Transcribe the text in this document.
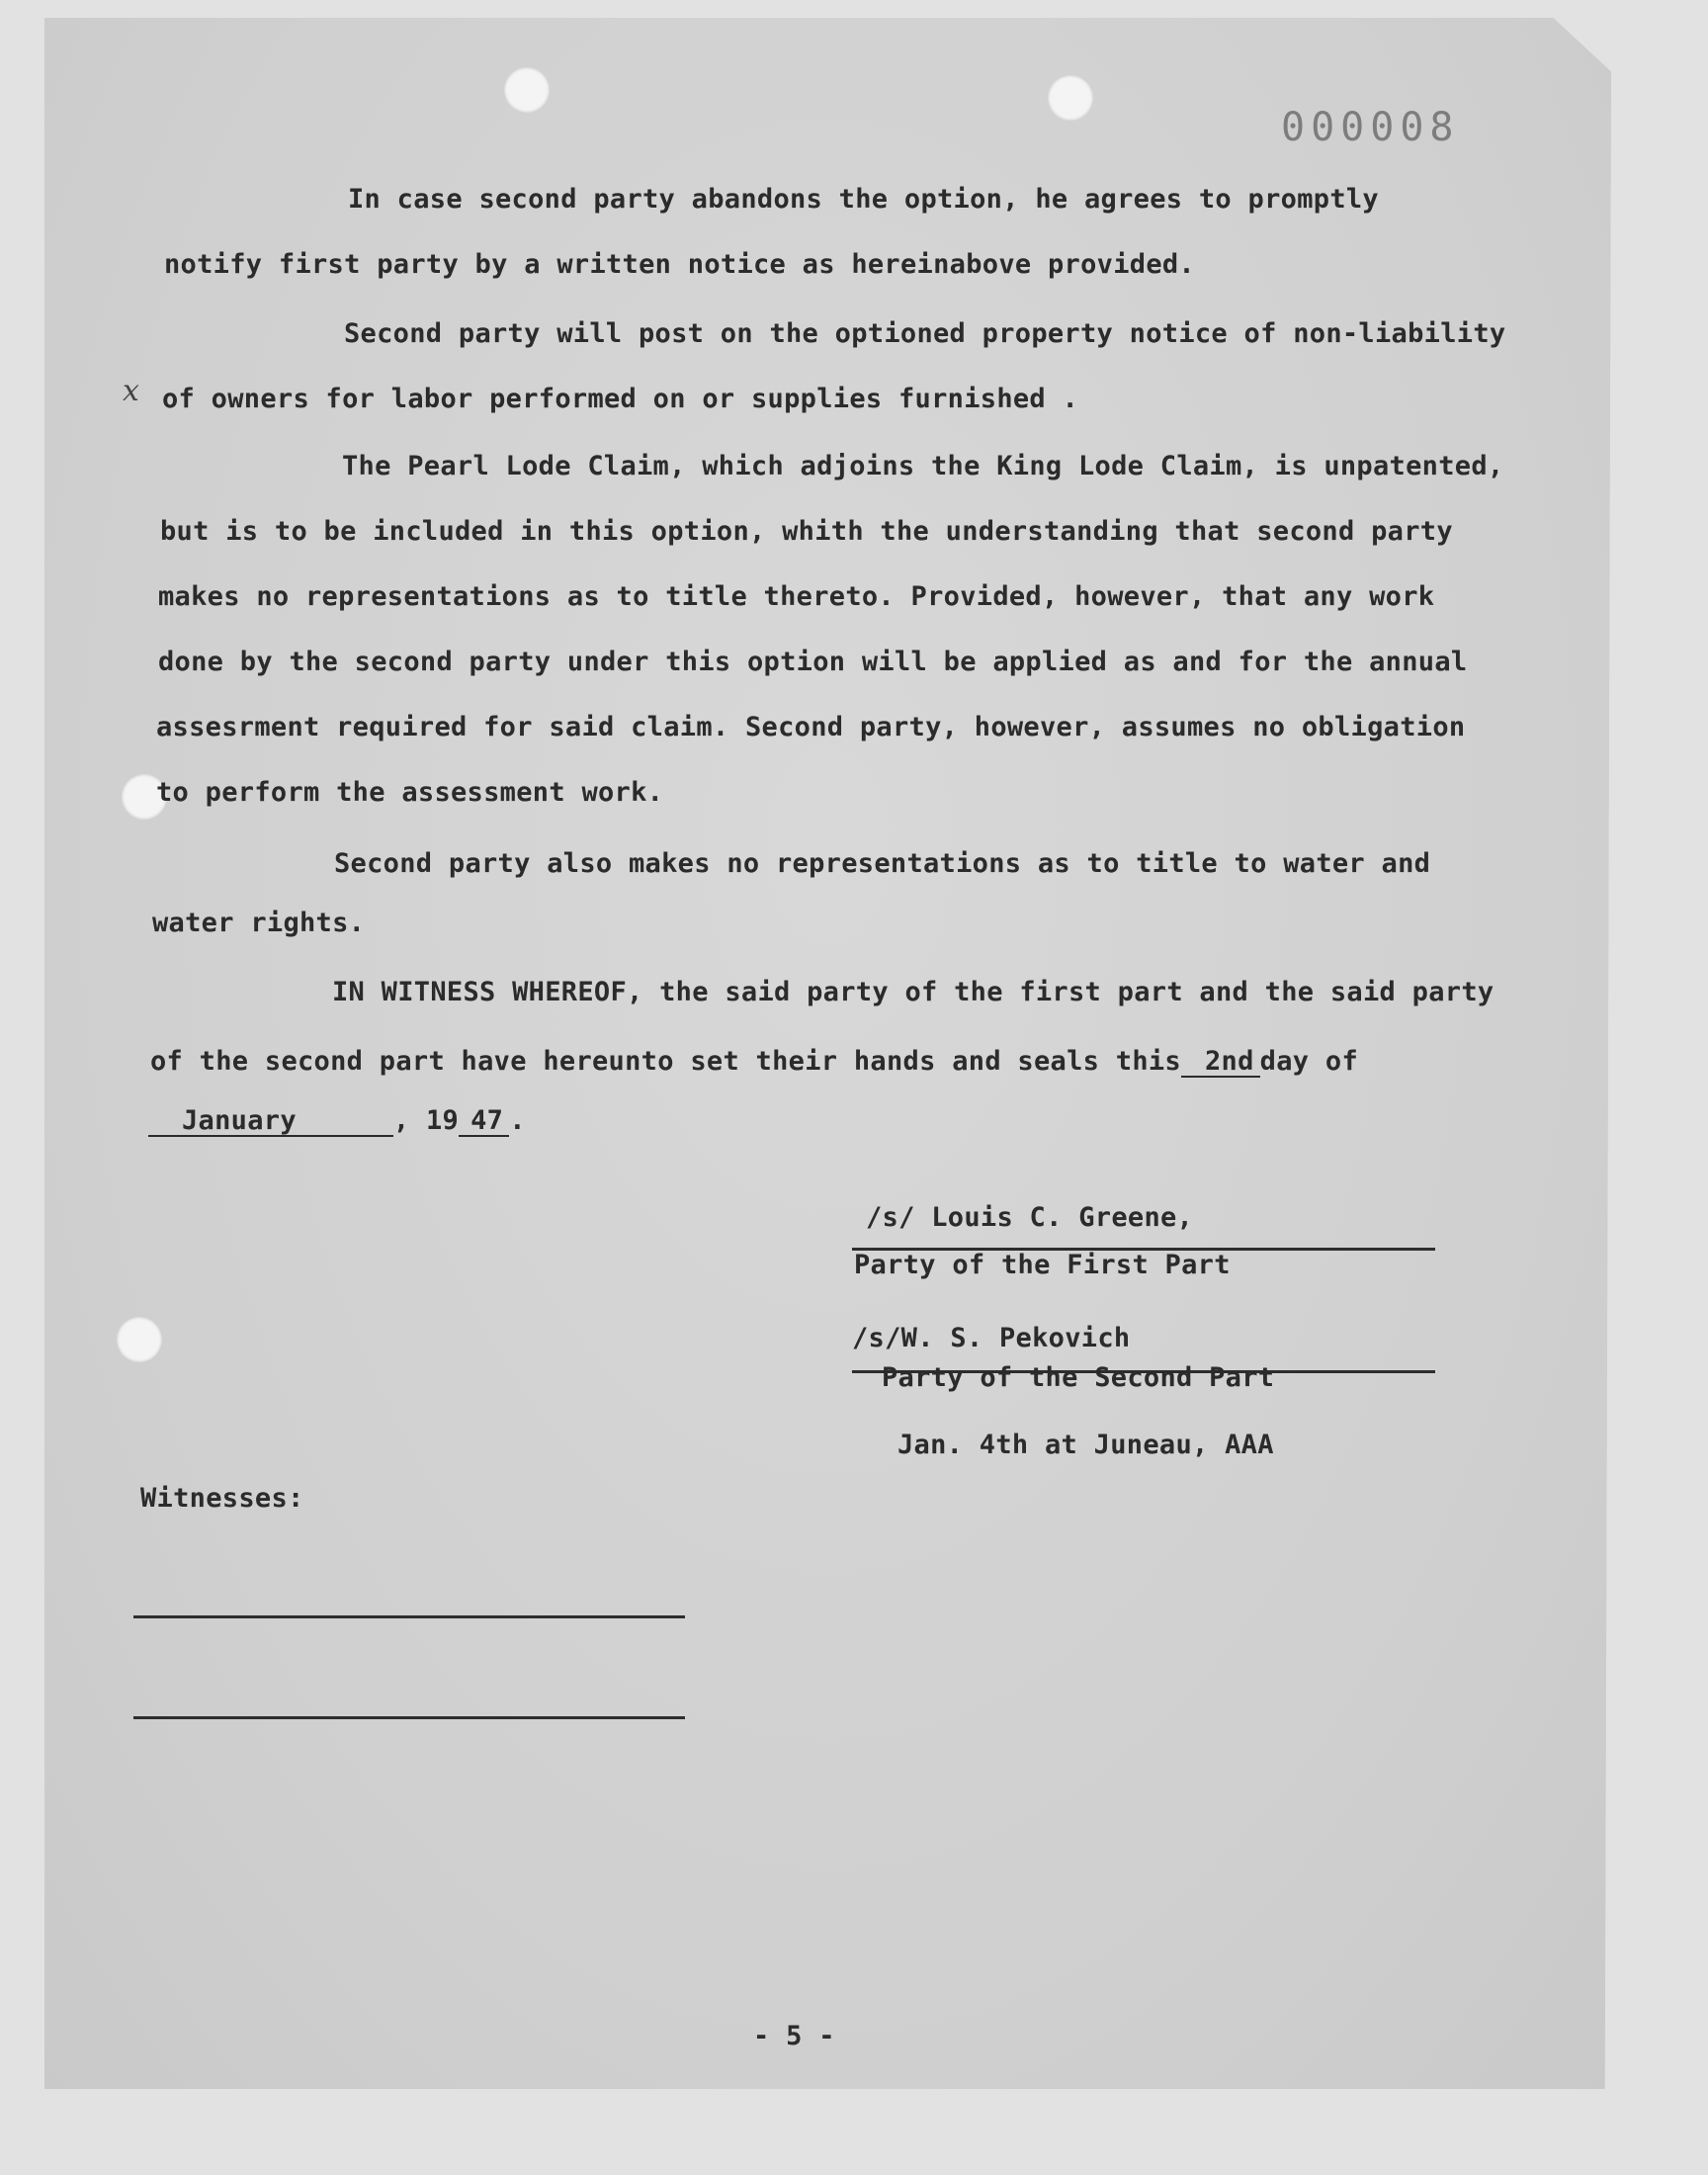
000008
x
In case second party abandons the option, he agrees to promptly
notify first party by a written notice as hereinabove provided.
Second party will post on the optioned property notice of non-liability
of owners for labor performed on or supplies furnished .
The Pearl Lode Claim, which adjoins the King Lode Claim, is unpatented,
but is to be included in this option, whith the understanding that second party
makes no representations as to title thereto. Provided, however, that any work
done by the second party under this option will be applied as and for the annual
assesrment required for said claim. Second party, however, assumes no obligation
to perform the assessment work.
Second party also makes no representations as to title to water and
water rights.
IN WITNESS WHEREOF, the said party of the first part and the said party
of the second part have hereunto set their hands and seals this 2nd day of
January	, 19 47 .
/s/ Louis C. Greene,
Party of the First Part
/s/W. S. Pekovich
Party of the Second Part
Jan. 4th at Juneau, AAA
Witnesses:
- 5 -
